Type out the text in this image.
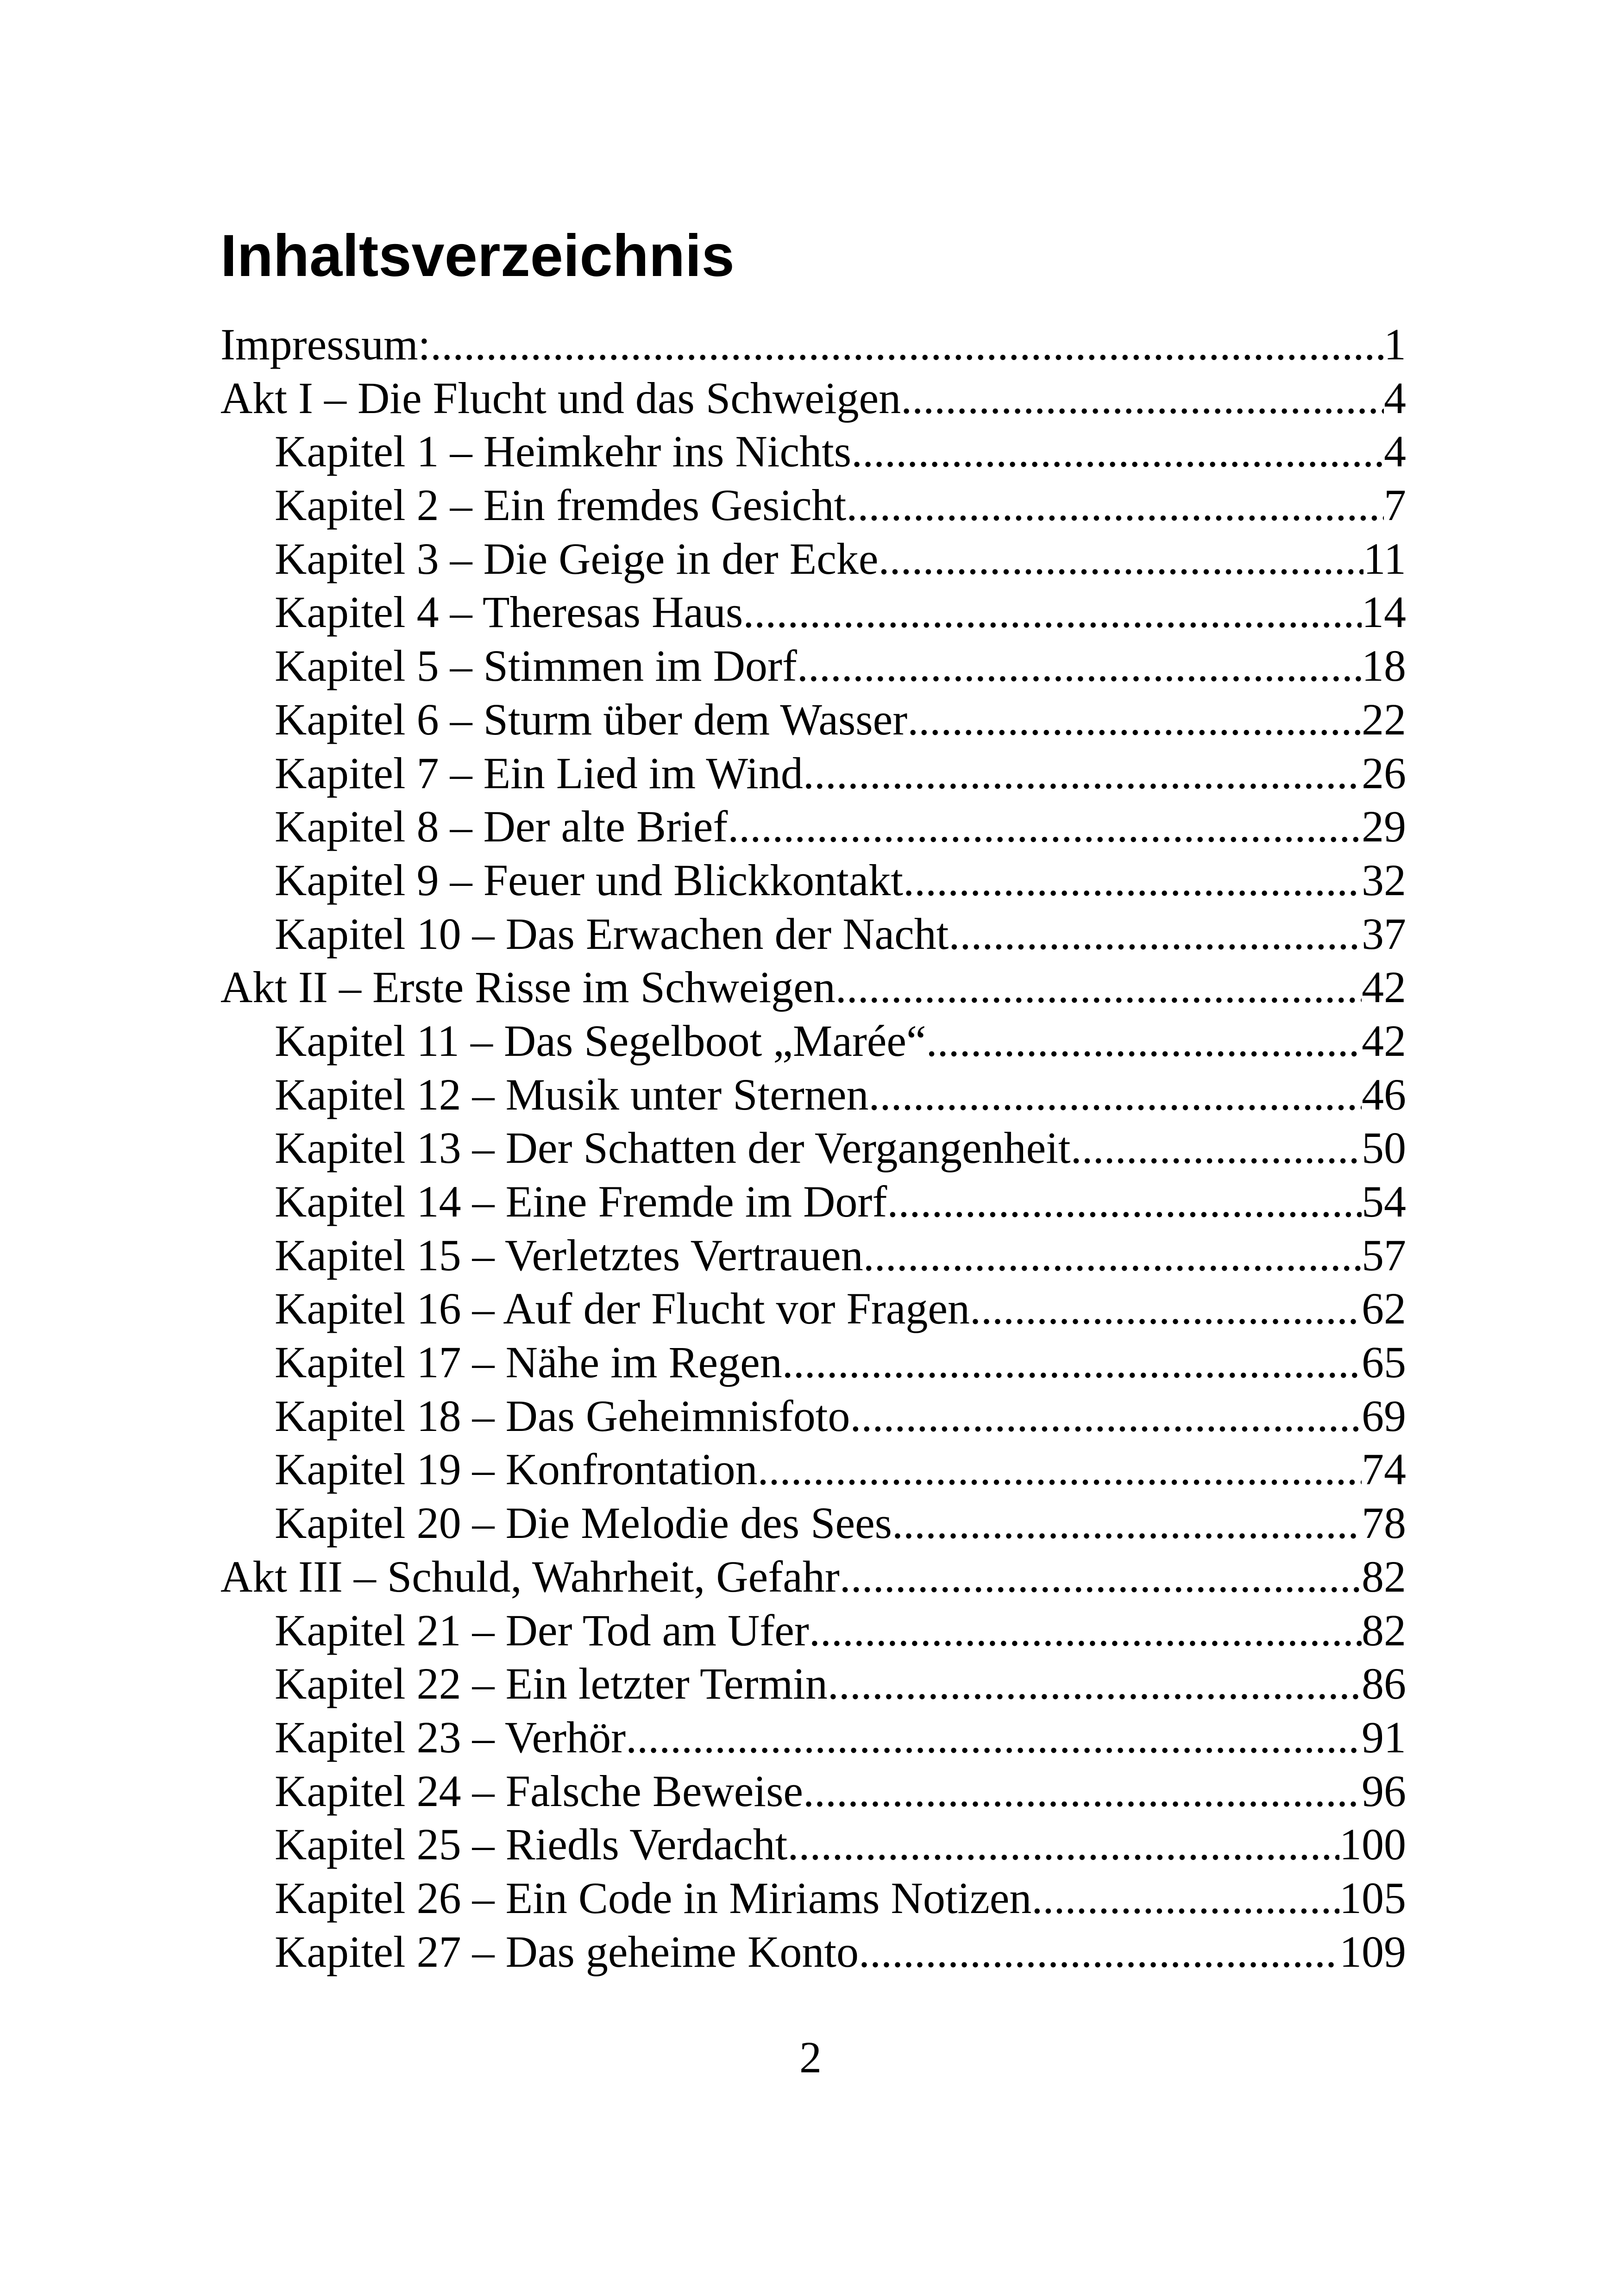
Inhaltsverzeichnis
Impressum: .....	1
Akt I – Die Flucht und das Schweigen .....	4
Kapitel 1 – Heimkehr ins Nichts .....	4
Kapitel 2 – Ein fremdes Gesicht .....	7
Kapitel 3 – Die Geige in der Ecke .....	11
Kapitel 4 – Theresas Haus .....	14
Kapitel 5 – Stimmen im Dorf .....	18
Kapitel 6 – Sturm über dem Wasser .....	22
Kapitel 7 – Ein Lied im Wind .....	26
Kapitel 8 – Der alte Brief .....	29
Kapitel 9 – Feuer und Blickkontakt .....	32
Kapitel 10 – Das Erwachen der Nacht .....	37
Akt II – Erste Risse im Schweigen .....	42
Kapitel 11 – Das Segelboot „Marée“ .....	42
Kapitel 12 – Musik unter Sternen .....	46
Kapitel 13 – Der Schatten der Vergangenheit .....	50
Kapitel 14 – Eine Fremde im Dorf .....	54
Kapitel 15 – Verletztes Vertrauen .....	57
Kapitel 16 – Auf der Flucht vor Fragen .....	62
Kapitel 17 – Nähe im Regen .....	65
Kapitel 18 – Das Geheimnisfoto .....	69
Kapitel 19 – Konfrontation .....	74
Kapitel 20 – Die Melodie des Sees .....	78
Akt III – Schuld, Wahrheit, Gefahr .....	82
Kapitel 21 – Der Tod am Ufer .....	82
Kapitel 22 – Ein letzter Termin .....	86
Kapitel 23 – Verhör .....	91
Kapitel 24 – Falsche Beweise .....	96
Kapitel 25 – Riedls Verdacht .....	100
Kapitel 26 – Ein Code in Miriams Notizen .....	105
Kapitel 27 – Das geheime Konto .....	109
2
